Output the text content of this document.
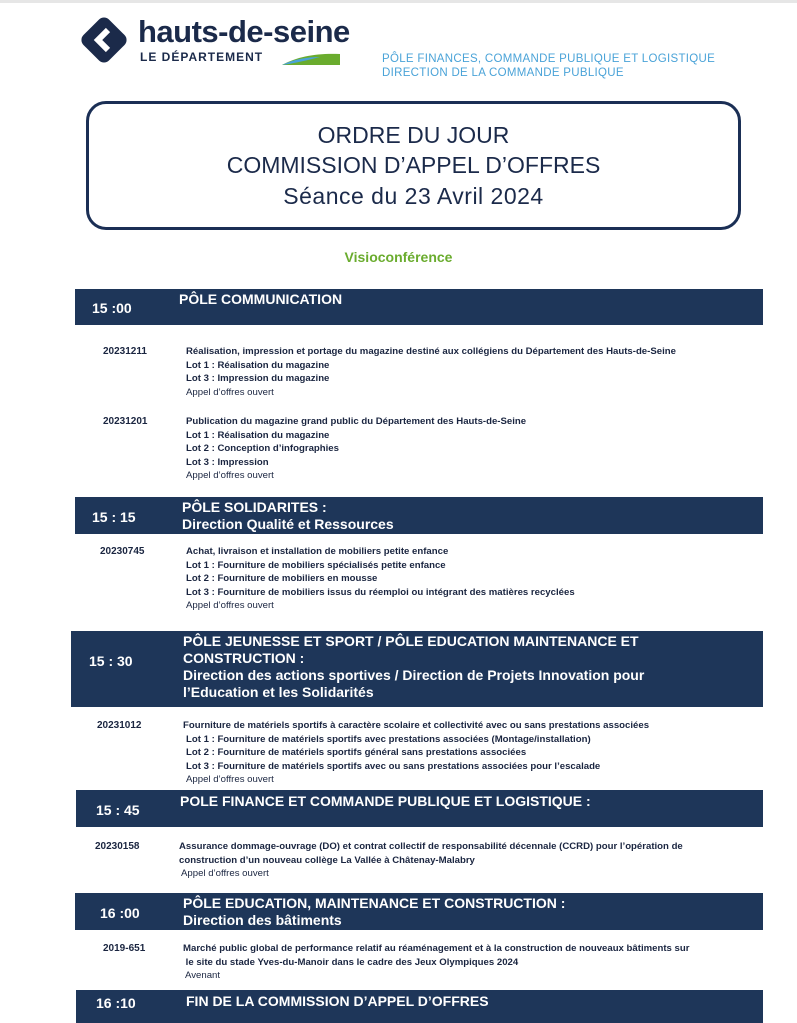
hauts-de-seine
LE DÉPARTEMENT	PÔLE FINANCES, COMMANDE PUBLIQUE ET LOGISTIQUE
DIRECTION DE LA COMMANDE PUBLIQUE
ORDRE DU JOUR
COMMISSION D’APPEL D’OFFRES
Séance du 23 Avril 2024
Visioconférence
15 :00
PÔLE COMMUNICATION
20231211	Réalisation, impression et portage du magazine destiné aux collégiens du Département des Hauts-de-Seine
Lot 1 : Réalisation du magazine
Lot 3 : Impression du magazine
Appel d’offres ouvert
20231201	Publication du magazine grand public du Département des Hauts-de-Seine
Lot 1 : Réalisation du magazine
Lot 2 : Conception d’infographies
Lot 3 : Impression
Appel d’offres ouvert
15 : 15
PÔLE SOLIDARITES :
Direction Qualité et Ressources
20230745	Achat, livraison et installation de mobiliers petite enfance
Lot 1 : Fourniture de mobiliers spécialisés petite enfance
Lot 2 : Fourniture de mobiliers en mousse
Lot 3 : Fourniture de mobiliers issus du réemploi ou intégrant des matières recyclées
Appel d’offres ouvert
15 : 30
PÔLE JEUNESSE ET SPORT / PÔLE EDUCATION MAINTENANCE ET
CONSTRUCTION :
Direction des actions sportives / Direction de Projets Innovation pour
l’Education et les Solidarités
20231012	Fourniture de matériels sportifs à caractère scolaire et collectivité avec ou sans prestations associées
Lot 1 : Fourniture de matériels sportifs avec prestations associées (Montage/installation)
Lot 2 : Fourniture de matériels sportifs général sans prestations associées
Lot 3 : Fourniture de matériels sportifs avec ou sans prestations associées pour l’escalade
Appel d’offres ouvert
15 : 45
POLE FINANCE ET COMMANDE PUBLIQUE ET LOGISTIQUE :
20230158	Assurance dommage-ouvrage (DO) et contrat collectif de responsabilité décennale (CCRD) pour l’opération de
construction d’un nouveau collège La Vallée à Châtenay-Malabry
Appel d’offres ouvert
16 :00
PÔLE EDUCATION, MAINTENANCE ET CONSTRUCTION :
Direction des bâtiments
2019-651	Marché public global de performance relatif au réaménagement et à la construction de nouveaux bâtiments sur
le site du stade Yves-du-Manoir dans le cadre des Jeux Olympiques 2024
Avenant
16 :10	FIN DE LA COMMISSION D’APPEL D’OFFRES
